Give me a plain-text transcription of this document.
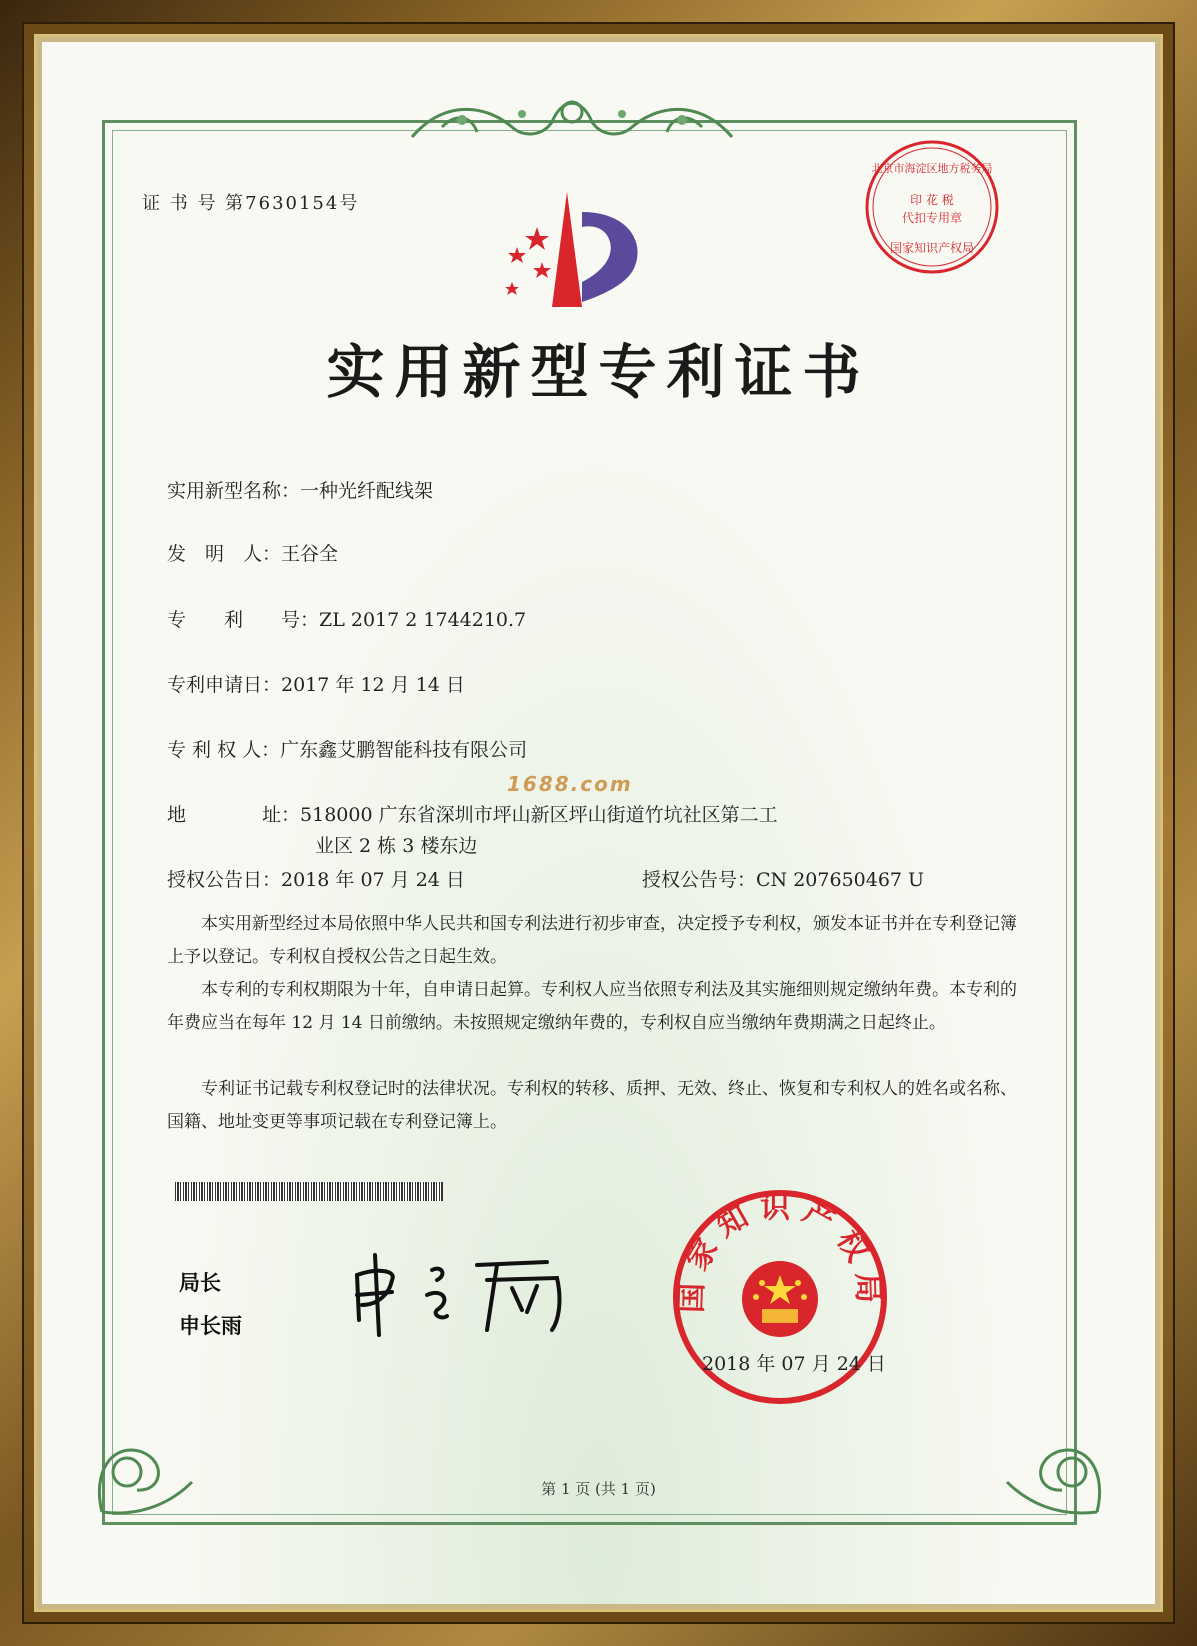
证 书 号 第7630154号
北京市海淀区地方税务局
印 花 税
代扣专用章
国家知识产权局
实用新型专利证书
实用新型名称：一种光纤配线架
发　明　人：王谷全
专　　利　　号：ZL 2017 2 1744210.7
专利申请日：2017 年 12 月 14 日
专 利 权 人：广东鑫艾鹏智能科技有限公司
1688.com
地　　　　址：518000 广东省深圳市坪山新区坪山街道竹坑社区第二工
业区 2 栋 3 楼东边
授权公告日：2018 年 07 月 24 日	授权公告号：CN 207650467 U
本实用新型经过本局依照中华人民共和国专利法进行初步审查，决定授予专利权，颁发本证书并在专利登记簿上予以登记。专利权自授权公告之日起生效。
本专利的专利权期限为十年，自申请日起算。专利权人应当依照专利法及其实施细则规定缴纳年费。本专利的年费应当在每年 12 月 14 日前缴纳。未按照规定缴纳年费的，专利权自应当缴纳年费期满之日起终止。
专利证书记载专利权登记时的法律状况。专利权的转移、质押、无效、终止、恢复和专利权人的姓名或名称、国籍、地址变更等事项记载在专利登记簿上。
局长
申长雨
国家知识产权局
2018 年 07 月 24 日
第 1 页 (共 1 页)
